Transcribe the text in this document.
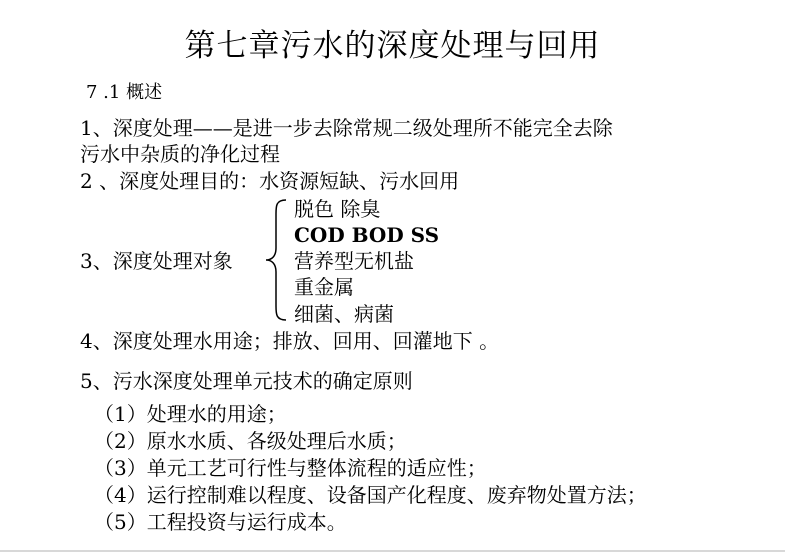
第七章污水的深度处理与回用
7 .1 概述
1、深度处理——是进一步去除常规二级处理所不能完全去除
污水中杂质的净化过程
2 、深度处理目的：水资源短缺、污水回用
3、深度处理对象
脱色 除臭
COD BOD SS
营养型无机盐
重金属
细菌、病菌
4、深度处理水用途；排放、回用、回灌地下 。
5、污水深度处理单元技术的确定原则
（1）处理水的用途；
（2）原水水质、各级处理后水质；
（3）单元工艺可行性与整体流程的适应性；
（4）运行控制难以程度、设备国产化程度、废弃物处置方法；
（5）工程投资与运行成本。
